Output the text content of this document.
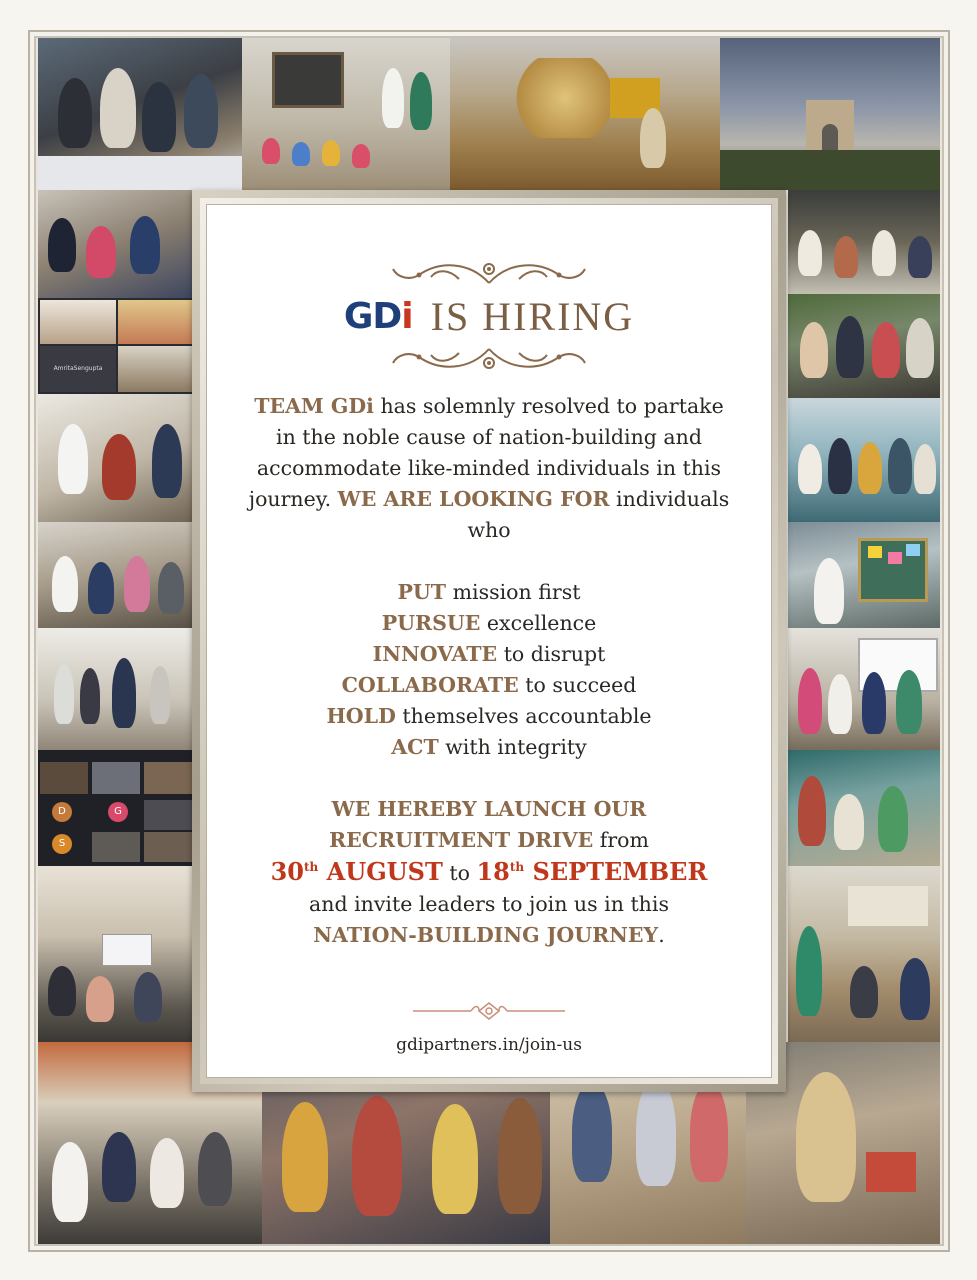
AmritaSengupta
D	G
S
GDi IS HIRING

TEAM GDi has solemnly resolved to partake in the noble cause of nation-building and accommodate like-minded individuals in this journey. WE ARE LOOKING FOR individuals who

PUT mission first
PURSUE excellence
INNOVATE to disrupt
COLLABORATE to succeed
HOLD themselves accountable
ACT with integrity
WE HEREBY LAUNCH OUR RECRUITMENT DRIVE from
30th AUGUST to 18th SEPTEMBER
and invite leaders to join us in this
NATION-BUILDING JOURNEY.
gdipartners.in/join-us
